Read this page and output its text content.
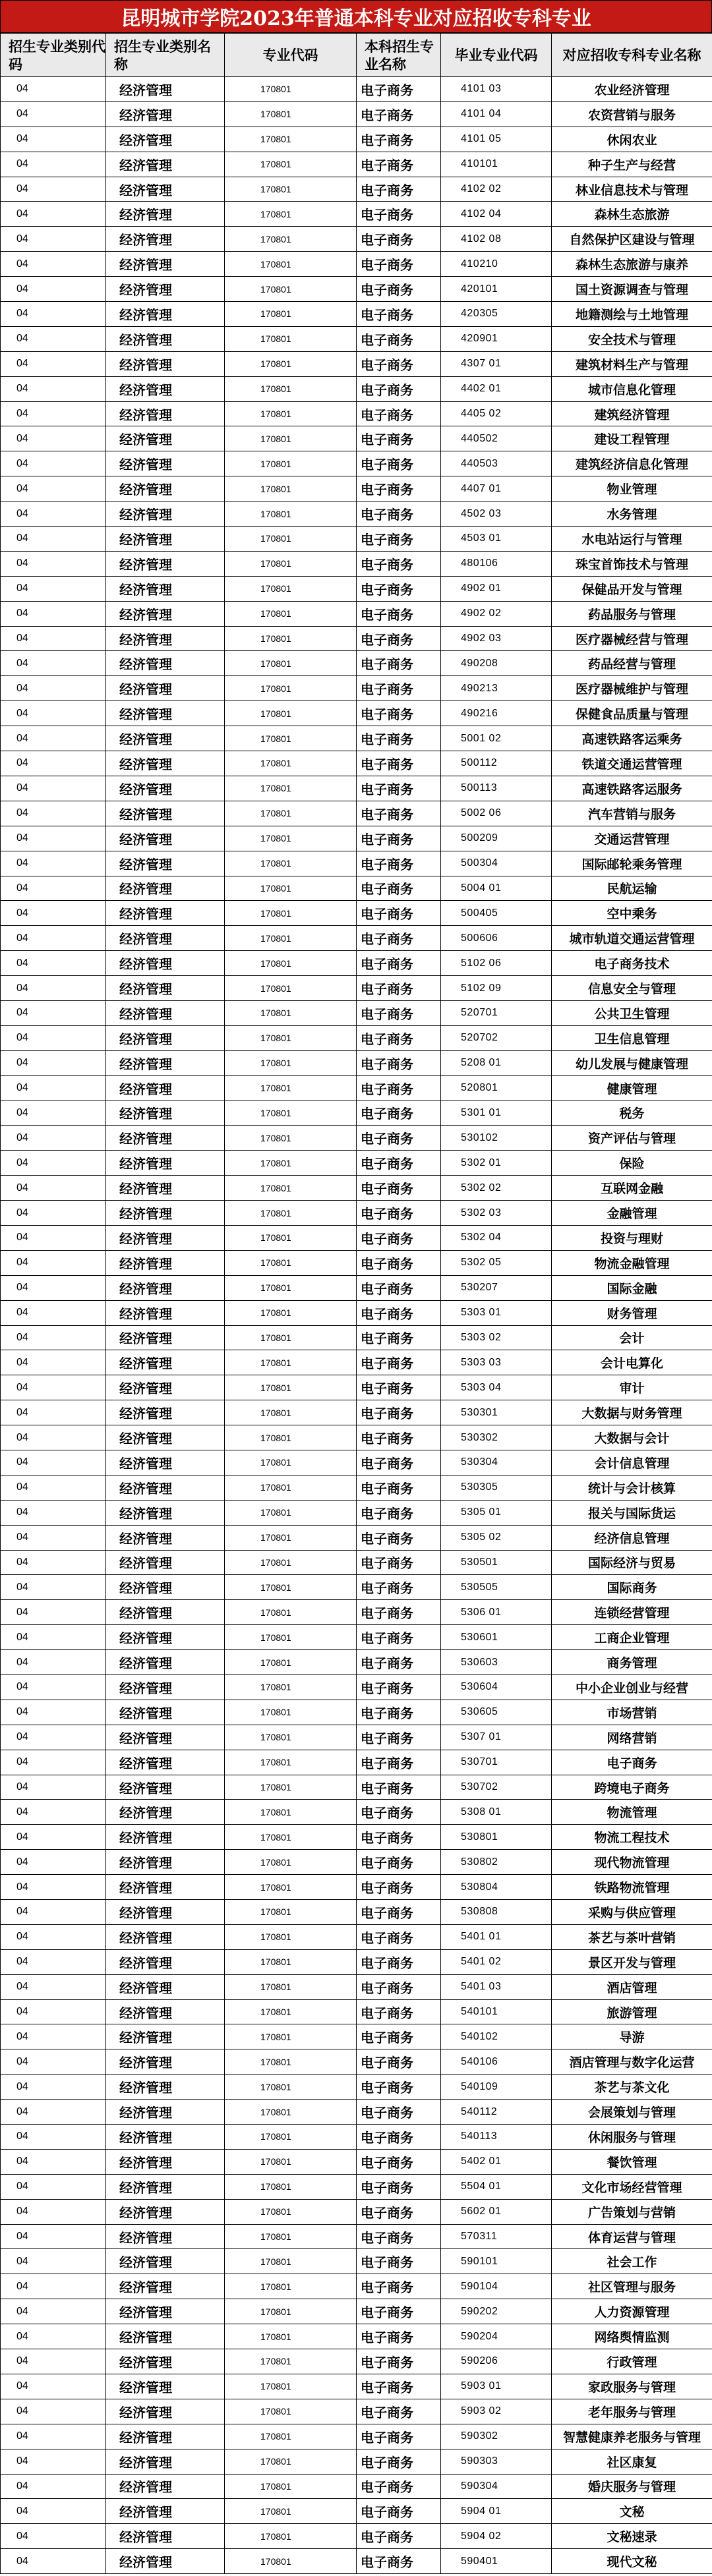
昆明城市学院2023年普通本科专业对应招收专科专业
招生专业类别代码	招生专业类别名称	专业代码	本科招生专业名称	毕业专业代码	对应招收专科专业名称
04	经济管理	170801	电子商务	4101 03	农业经济管理
04	经济管理	170801	电子商务	4101 04	农资营销与服务
04	经济管理	170801	电子商务	4101 05	休闲农业
04	经济管理	170801	电子商务	410101	种子生产与经营
04	经济管理	170801	电子商务	4102 02	林业信息技术与管理
04	经济管理	170801	电子商务	4102 04	森林生态旅游
04	经济管理	170801	电子商务	4102 08	自然保护区建设与管理
04	经济管理	170801	电子商务	410210	森林生态旅游与康养
04	经济管理	170801	电子商务	420101	国土资源调查与管理
04	经济管理	170801	电子商务	420305	地籍测绘与土地管理
04	经济管理	170801	电子商务	420901	安全技术与管理
04	经济管理	170801	电子商务	4307 01	建筑材料生产与管理
04	经济管理	170801	电子商务	4402 01	城市信息化管理
04	经济管理	170801	电子商务	4405 02	建筑经济管理
04	经济管理	170801	电子商务	440502	建设工程管理
04	经济管理	170801	电子商务	440503	建筑经济信息化管理
04	经济管理	170801	电子商务	4407 01	物业管理
04	经济管理	170801	电子商务	4502 03	水务管理
04	经济管理	170801	电子商务	4503 01	水电站运行与管理
04	经济管理	170801	电子商务	480106	珠宝首饰技术与管理
04	经济管理	170801	电子商务	4902 01	保健品开发与管理
04	经济管理	170801	电子商务	4902 02	药品服务与管理
04	经济管理	170801	电子商务	4902 03	医疗器械经营与管理
04	经济管理	170801	电子商务	490208	药品经营与管理
04	经济管理	170801	电子商务	490213	医疗器械维护与管理
04	经济管理	170801	电子商务	490216	保健食品质量与管理
04	经济管理	170801	电子商务	5001 02	高速铁路客运乘务
04	经济管理	170801	电子商务	500112	铁道交通运营管理
04	经济管理	170801	电子商务	500113	高速铁路客运服务
04	经济管理	170801	电子商务	5002 06	汽车营销与服务
04	经济管理	170801	电子商务	500209	交通运营管理
04	经济管理	170801	电子商务	500304	国际邮轮乘务管理
04	经济管理	170801	电子商务	5004 01	民航运输
04	经济管理	170801	电子商务	500405	空中乘务
04	经济管理	170801	电子商务	500606	城市轨道交通运营管理
04	经济管理	170801	电子商务	5102 06	电子商务技术
04	经济管理	170801	电子商务	5102 09	信息安全与管理
04	经济管理	170801	电子商务	520701	公共卫生管理
04	经济管理	170801	电子商务	520702	卫生信息管理
04	经济管理	170801	电子商务	5208 01	幼儿发展与健康管理
04	经济管理	170801	电子商务	520801	健康管理
04	经济管理	170801	电子商务	5301 01	税务
04	经济管理	170801	电子商务	530102	资产评估与管理
04	经济管理	170801	电子商务	5302 01	保险
04	经济管理	170801	电子商务	5302 02	互联网金融
04	经济管理	170801	电子商务	5302 03	金融管理
04	经济管理	170801	电子商务	5302 04	投资与理财
04	经济管理	170801	电子商务	5302 05	物流金融管理
04	经济管理	170801	电子商务	530207	国际金融
04	经济管理	170801	电子商务	5303 01	财务管理
04	经济管理	170801	电子商务	5303 02	会计
04	经济管理	170801	电子商务	5303 03	会计电算化
04	经济管理	170801	电子商务	5303 04	审计
04	经济管理	170801	电子商务	530301	大数据与财务管理
04	经济管理	170801	电子商务	530302	大数据与会计
04	经济管理	170801	电子商务	530304	会计信息管理
04	经济管理	170801	电子商务	530305	统计与会计核算
04	经济管理	170801	电子商务	5305 01	报关与国际货运
04	经济管理	170801	电子商务	5305 02	经济信息管理
04	经济管理	170801	电子商务	530501	国际经济与贸易
04	经济管理	170801	电子商务	530505	国际商务
04	经济管理	170801	电子商务	5306 01	连锁经营管理
04	经济管理	170801	电子商务	530601	工商企业管理
04	经济管理	170801	电子商务	530603	商务管理
04	经济管理	170801	电子商务	530604	中小企业创业与经营
04	经济管理	170801	电子商务	530605	市场营销
04	经济管理	170801	电子商务	5307 01	网络营销
04	经济管理	170801	电子商务	530701	电子商务
04	经济管理	170801	电子商务	530702	跨境电子商务
04	经济管理	170801	电子商务	5308 01	物流管理
04	经济管理	170801	电子商务	530801	物流工程技术
04	经济管理	170801	电子商务	530802	现代物流管理
04	经济管理	170801	电子商务	530804	铁路物流管理
04	经济管理	170801	电子商务	530808	采购与供应管理
04	经济管理	170801	电子商务	5401 01	茶艺与茶叶营销
04	经济管理	170801	电子商务	5401 02	景区开发与管理
04	经济管理	170801	电子商务	5401 03	酒店管理
04	经济管理	170801	电子商务	540101	旅游管理
04	经济管理	170801	电子商务	540102	导游
04	经济管理	170801	电子商务	540106	酒店管理与数字化运营
04	经济管理	170801	电子商务	540109	茶艺与茶文化
04	经济管理	170801	电子商务	540112	会展策划与管理
04	经济管理	170801	电子商务	540113	休闲服务与管理
04	经济管理	170801	电子商务	5402 01	餐饮管理
04	经济管理	170801	电子商务	5504 01	文化市场经营管理
04	经济管理	170801	电子商务	5602 01	广告策划与营销
04	经济管理	170801	电子商务	570311	体育运营与管理
04	经济管理	170801	电子商务	590101	社会工作
04	经济管理	170801	电子商务	590104	社区管理与服务
04	经济管理	170801	电子商务	590202	人力资源管理
04	经济管理	170801	电子商务	590204	网络舆情监测
04	经济管理	170801	电子商务	590206	行政管理
04	经济管理	170801	电子商务	5903 01	家政服务与管理
04	经济管理	170801	电子商务	5903 02	老年服务与管理
04	经济管理	170801	电子商务	590302	智慧健康养老服务与管理
04	经济管理	170801	电子商务	590303	社区康复
04	经济管理	170801	电子商务	590304	婚庆服务与管理
04	经济管理	170801	电子商务	5904 01	文秘
04	经济管理	170801	电子商务	5904 02	文秘速录
04	经济管理	170801	电子商务	590401	现代文秘
